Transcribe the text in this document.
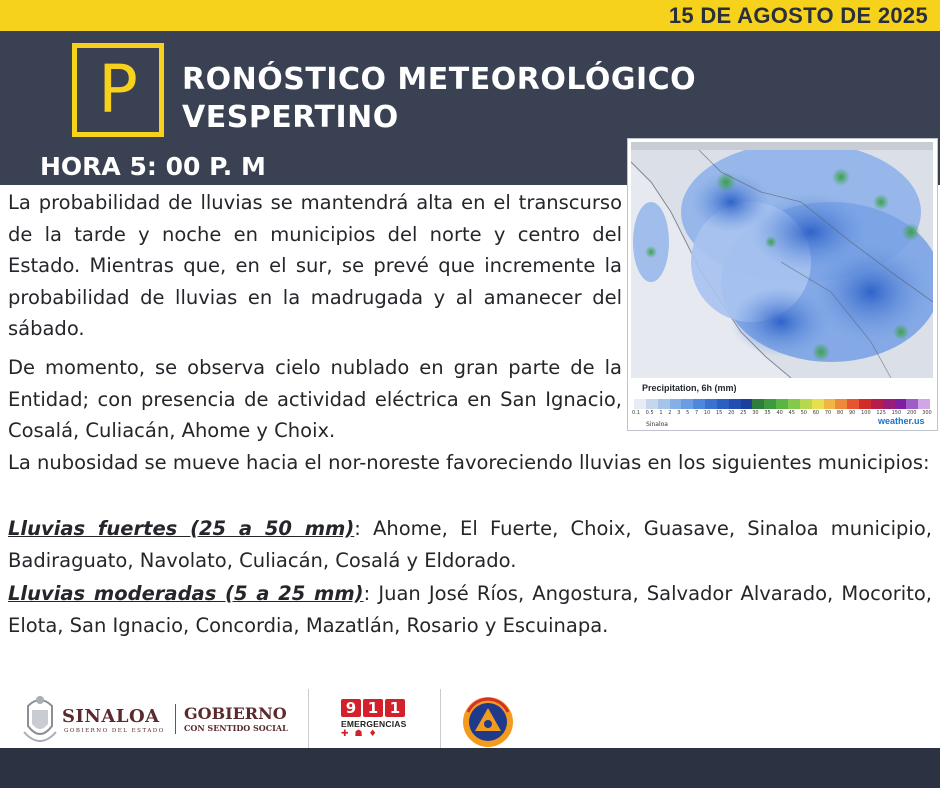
15 DE AGOSTO DE 2025
P	RONÓSTICO METEOROLÓGICO
VESPERTINO
HORA 5: 00 P. M
Precipitation, 6h (mm)
0.1 0.5 1 2 3 5 7 10 15 20 25 30 35 40 45 50 60 70 80 90 100 125 150 200 300
Sinaloa	weather.us
La probabilidad de lluvias se mantendrá alta en el transcurso de la tarde y noche en municipios del norte y centro del Estado. Mientras que, en el sur, se prevé que incremente la probabilidad de lluvias en la madrugada y al amanecer del sábado.
De momento, se observa cielo nublado en gran parte de la Entidad; con presencia de actividad eléctrica en San Ignacio, Cosalá, Culiacán, Ahome y Choix.
La nubosidad se mueve hacia el nor-noreste favoreciendo lluvias en los siguientes municipios:
Lluvias fuertes (25 a 50 mm): Ahome, El Fuerte, Choix, Guasave, Sinaloa municipio, Badiraguato, Navolato, Culiacán, Cosalá y Eldorado.
Lluvias moderadas (5 a 25 mm): Juan José Ríos, Angostura, Salvador Alvarado, Mocorito, Elota, San Ignacio, Concordia, Mazatlán, Rosario y Escuinapa.
SINALOA
GOBIERNO DEL ESTADO
GOBIERNO
CON SENTIDO SOCIAL
9 1 1
EMERGENCIAS
✚☗♦
